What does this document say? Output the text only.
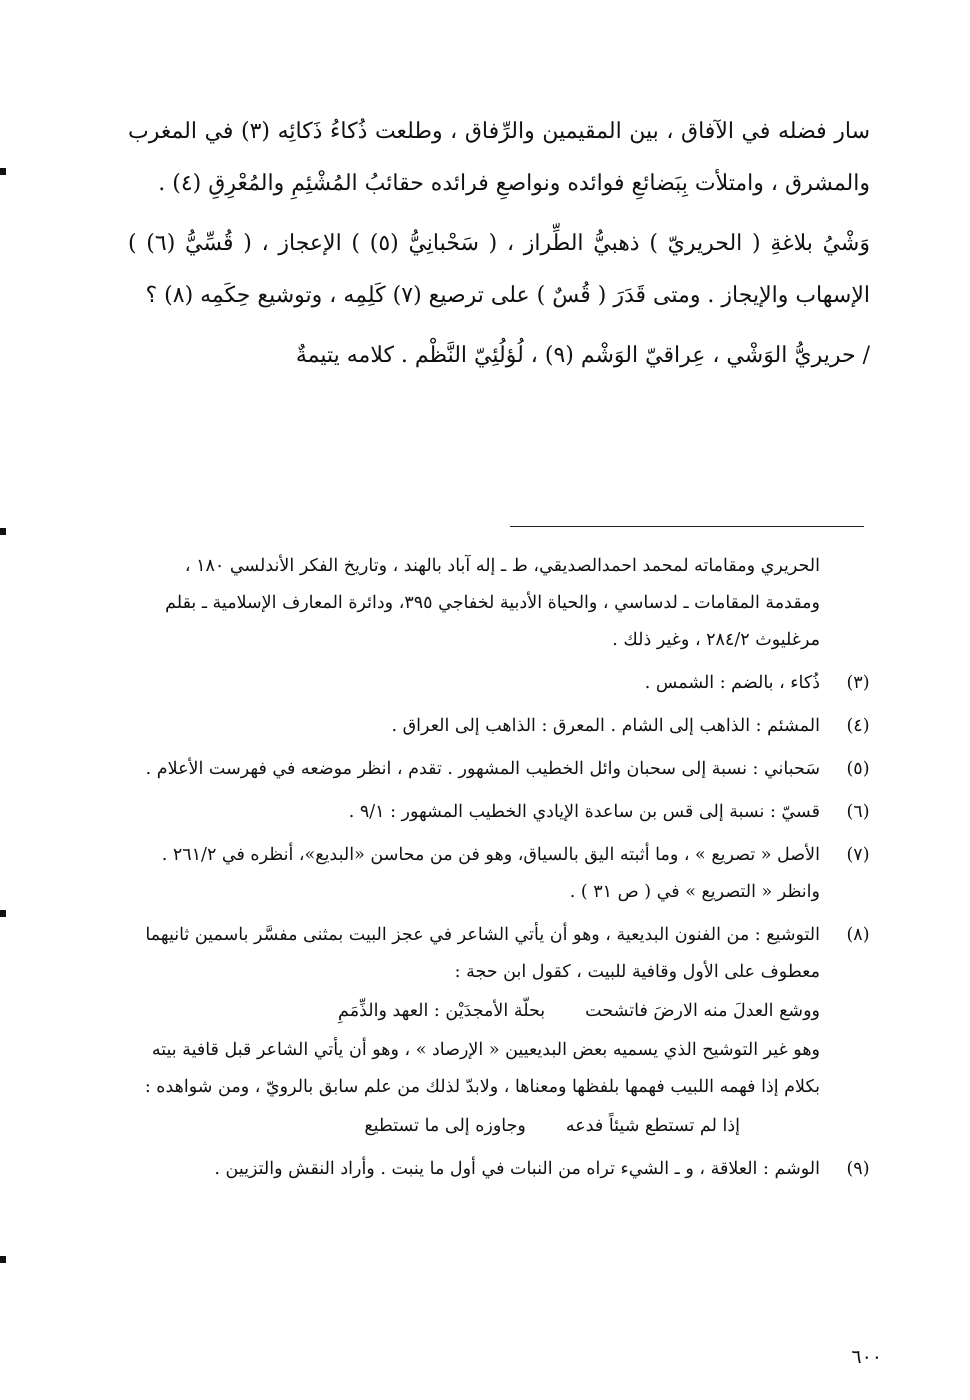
سار فضله في الآفاق ، بين المقيمين والرِّفاق ، وطلعت ذُكاءُ ذَكائِه (٣) في المغرب والمشرق ، وامتلأت بِبَضائعِ فوائده ونواصعِ فرائده حقائبُ المُشْئِمِ والمُعْرِقِ (٤) .

وَشْيُ بلاغةِ ( الحريريّ ) ذهبيُّ الطِّراز ، ( سَحْبانِيُّ (٥) ) الإعجاز ، ( قُسِّيُّ (٦) ) الإسهاب والإيجاز . ومتى قَدَرَ ( قُسٌ ) على ترصيع (٧) كَلِمِه ، وتوشيع حِكَمِه (٨) ؟

/ حريريُّ الوَشْي ، عِراقيّ الوَشْم (٩) ، لُؤلُئِيّ النَّظْم . كلامه يتيمةٌ

الحريري ومقاماته لمحمد احمدالصديقي، ط ـ إله آباد بالهند ، وتاريخ الفكر الأندلسي ١٨٠ ، ومقدمة المقامات ـ لدساسي ، والحياة الأدبية لخفاجي ٣٩٥، ودائرة المعارف الإسلامية ـ بقلم مرغليوث ٢٨٤/٢ ، وغير ذلك .

(٣)

ذُكاء ، بالضم : الشمس .

(٤)

المشئم : الذاهب إلى الشام . المعرق : الذاهب إلى العراق .

(٥)

سَحباني : نسبة إلى سحبان وائل الخطيب المشهور . تقدم ، انظر موضعه في فهرست الأعلام .

(٦)

قسيّ : نسبة إلى قس بن ساعدة الإيادي الخطيب المشهور : ٩/١ .

(٧)

الأصل « تصريع » ، وما أثبته اليق بالسياق، وهو فن من محاسن «البديع»، أنظره في ٢٦١/٢ . وانظر « التصريع » في ( ص ٣١ ) .

(٨)

التوشيع : من الفنون البديعية ، وهو أن يأتي الشاعر في عجز البيت بمثنى مفسَّر باسمين ثانيهما معطوف على الأول وقافية للبيت ، كقول ابن حجة :

ووشع العدلَ منه الارضَ فاتشحت
بحلّة الأمجدَيْن : العهد والذِّمَمِ

وهو غير التوشيح الذي يسميه بعض البديعيين « الإرصاد » ، وهو أن يأتي الشاعر قبل قافية بيته بكلام إذا فهمه اللبيب فهمها بلفظها ومعناها ، ولابدّ لذلك من علم سابق بالرويّ ، ومن شواهده :

إذا لم تستطع شيئاً فدعه
وجاوزه إلى ما تستطيع
(٩)

الوشم : العلاقة ، و ـ الشيء تراه من النبات في أول ما ينبت . وأراد النقش والتزيين .

٦٠٠
